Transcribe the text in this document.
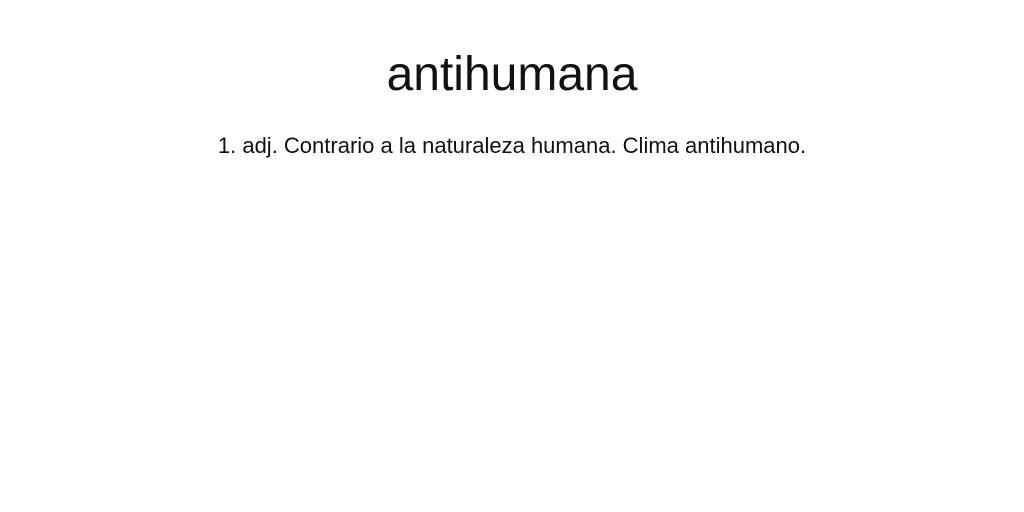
antihumana

1. adj. Contrario a la naturaleza humana. Clima antihumano.
